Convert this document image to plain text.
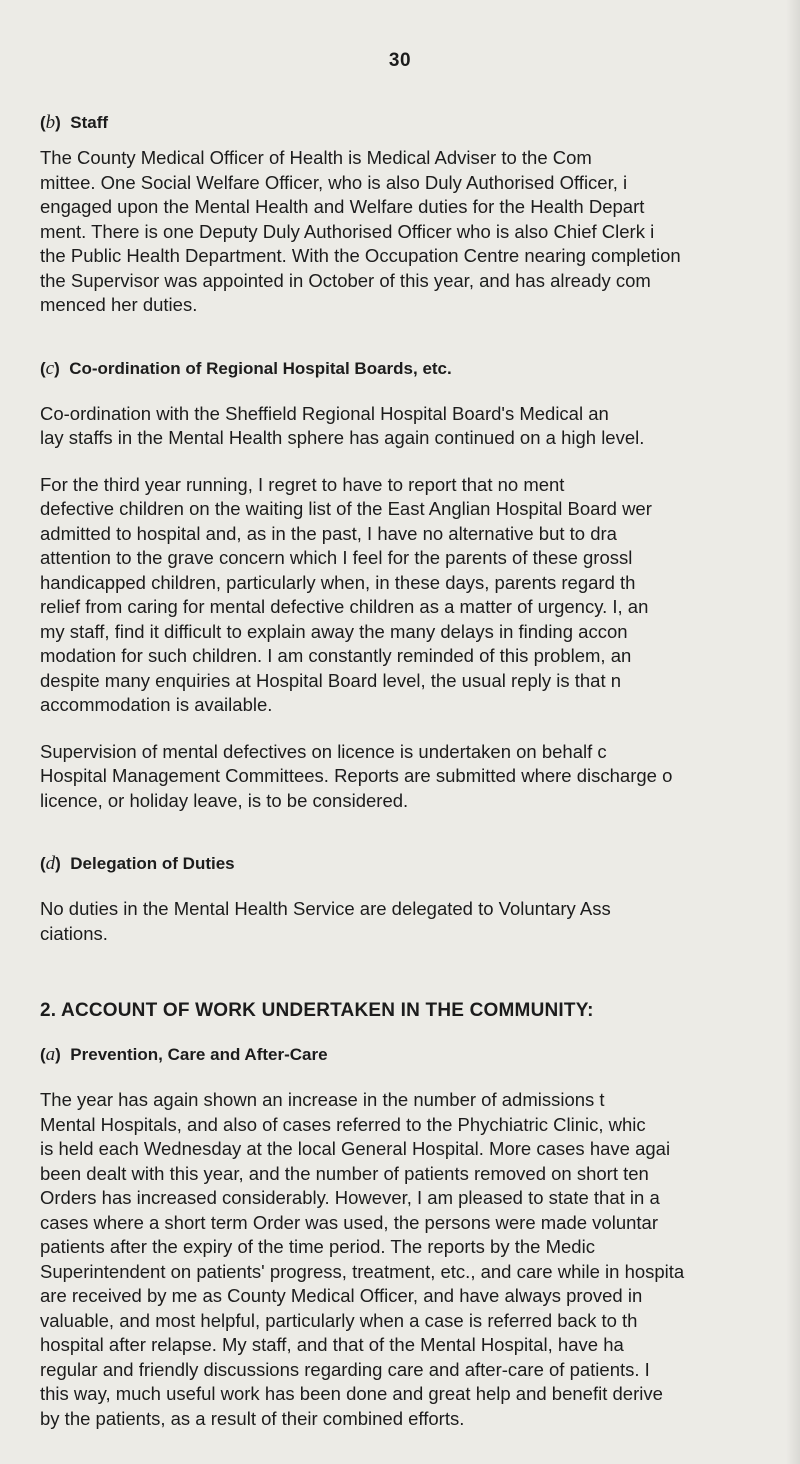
30
(b)  Staff

The County Medical Officer of Health is Medical Adviser to the Com
mittee. One Social Welfare Officer, who is also Duly Authorised Officer, i
engaged upon the Mental Health and Welfare duties for the Health Depart
ment. There is one Deputy Duly Authorised Officer who is also Chief Clerk i
the Public Health Department. With the Occupation Centre nearing completion
the Supervisor was appointed in October of this year, and has already com
menced her duties.

(c)  Co-ordination of Regional Hospital Boards, etc.

Co-ordination with the Sheffield Regional Hospital Board's Medical an
lay staffs in the Mental Health sphere has again continued on a high level.

For the third year running, I regret to have to report that no ment
defective children on the waiting list of the East Anglian Hospital Board wer
admitted to hospital and, as in the past, I have no alternative but to dra
attention to the grave concern which I feel for the parents of these grossl
handicapped children, particularly when, in these days, parents regard th
relief from caring for mental defective children as a matter of urgency. I, an
my staff, find it difficult to explain away the many delays in finding accon
modation for such children. I am constantly reminded of this problem, an
despite many enquiries at Hospital Board level, the usual reply is that n
accommodation is available.

Supervision of mental defectives on licence is undertaken on behalf c
Hospital Management Committees. Reports are submitted where discharge o
licence, or holiday leave, is to be considered.

(d)  Delegation of Duties

No duties in the Mental Health Service are delegated to Voluntary Ass
ciations.

2. ACCOUNT OF WORK UNDERTAKEN IN THE COMMUNITY:
(a)  Prevention, Care and After-Care

The year has again shown an increase in the number of admissions t
Mental Hospitals, and also of cases referred to the Phychiatric Clinic, whic
is held each Wednesday at the local General Hospital. More cases have agai
been dealt with this year, and the number of patients removed on short ten
Orders has increased considerably. However, I am pleased to state that in a
cases where a short term Order was used, the persons were made voluntar
patients after the expiry of the time period. The reports by the Medic
Superintendent on patients' progress, treatment, etc., and care while in hospita
are received by me as County Medical Officer, and have always proved in
valuable, and most helpful, particularly when a case is referred back to th
hospital after relapse. My staff, and that of the Mental Hospital, have ha
regular and friendly discussions regarding care and after-care of patients. I
this way, much useful work has been done and great help and benefit derive
by the patients, as a result of their combined efforts.
